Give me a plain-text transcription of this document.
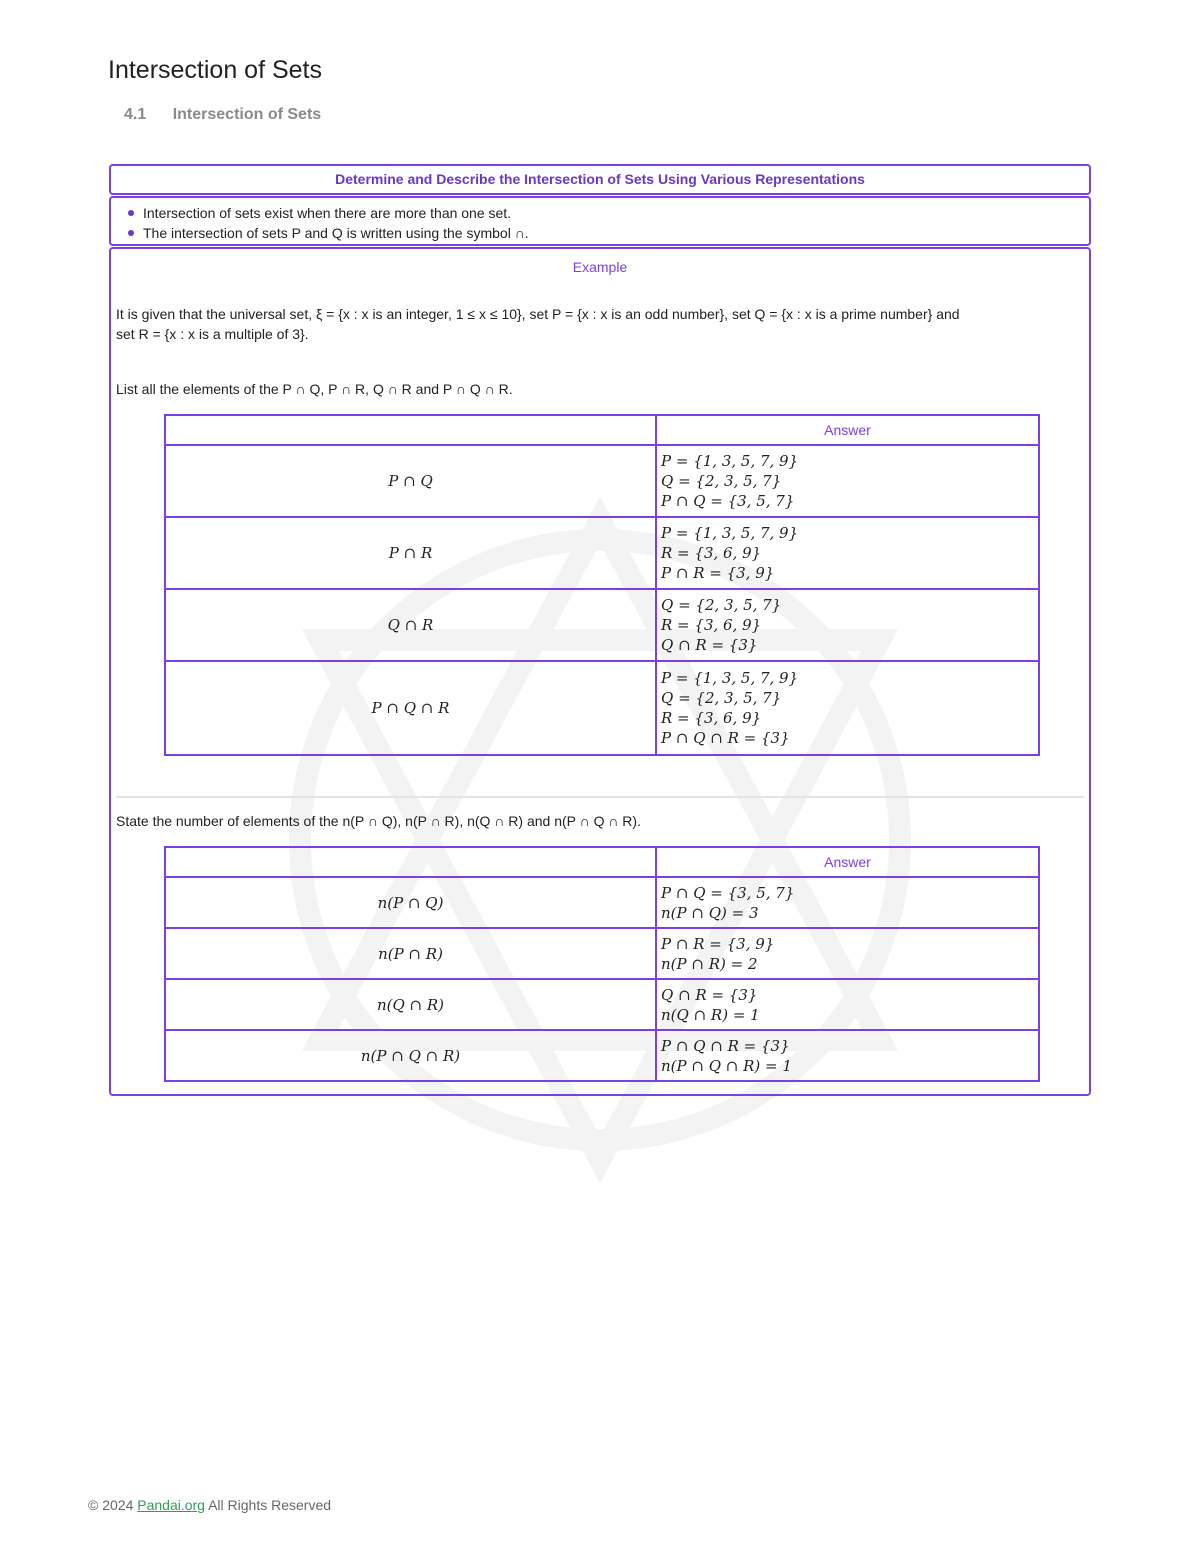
Intersection of Sets
4.1 Intersection of Sets
Determine and Describe the Intersection of Sets Using Various Representations
Intersection of sets exist when there are more than one set.
The intersection of sets P and Q is written using the symbol ∩.
Example
It is given that the universal set, ξ = {x : x is an integer, 1 ≤ x ≤ 10}, set P = {x : x is an odd number}, set Q = {x : x is a prime number} and
set R = {x : x is a multiple of 3}.
List all the elements of the P ∩ Q, P ∩ R, Q ∩ R and P ∩ Q ∩ R.
	Answer
P ∩ Q	P = {1, 3, 5, 7, 9}
Q = {2, 3, 5, 7}
P ∩ Q = {3, 5, 7}

P ∩ R	P = {1, 3, 5, 7, 9}
R = {3, 6, 9}
P ∩ R = {3, 9}

Q ∩ R	Q = {2, 3, 5, 7}
R = {3, 6, 9}
Q ∩ R = {3}

P ∩ Q ∩ R	P = {1, 3, 5, 7, 9}
Q = {2, 3, 5, 7}
R = {3, 6, 9}
P ∩ Q ∩ R = {3}
State the number of elements of the n(P ∩ Q), n(P ∩ R), n(Q ∩ R) and n(P ∩ Q ∩ R).
	Answer
n(P ∩ Q)	P ∩ Q = {3, 5, 7}
n(P ∩ Q) = 3

n(P ∩ R)	P ∩ R = {3, 9}
n(P ∩ R) = 2

n(Q ∩ R)	Q ∩ R = {3}
n(Q ∩ R) = 1

n(P ∩ Q ∩ R)	P ∩ Q ∩ R = {3}
n(P ∩ Q ∩ R) = 1
© 2024 Pandai.org All Rights Reserved
